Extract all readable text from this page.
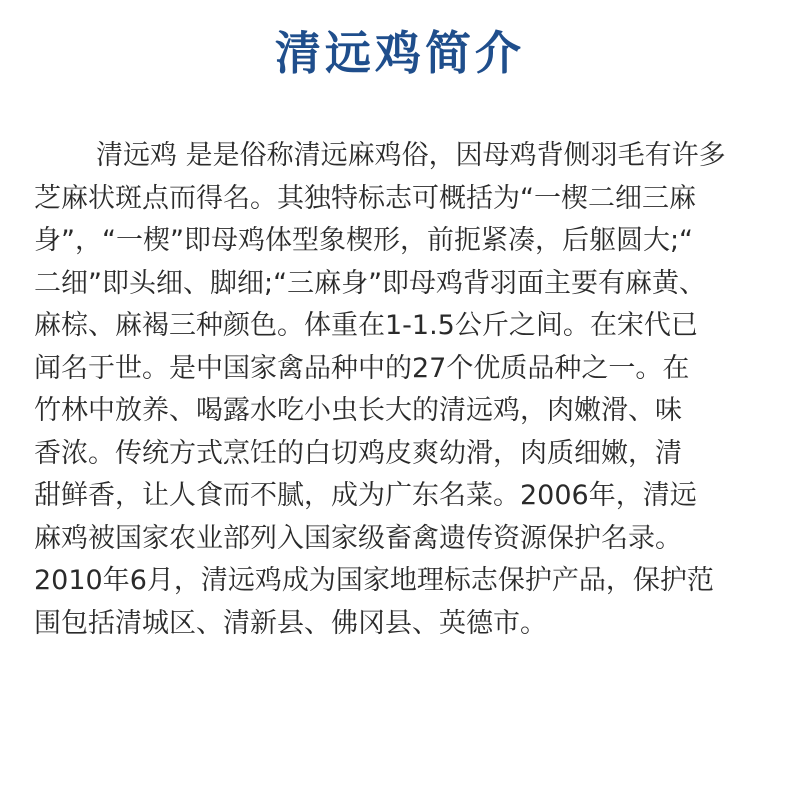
清远鸡简介
清远鸡 是是俗称清远麻鸡俗，因母鸡背侧羽毛有许多
芝麻状斑点而得名。其独特标志可概括为“一楔二细三麻
身”，“一楔”即母鸡体型象楔形，前扼紧凑，后躯圆大;“
二细”即头细、脚细;“三麻身”即母鸡背羽面主要有麻黄、
麻棕、麻褐三种颜色。体重在1-1.5公斤之间。在宋代已
闻名于世。是中国家禽品种中的27个优质品种之一。在
竹林中放养、喝露水吃小虫长大的清远鸡，肉嫩滑、味
香浓。传统方式烹饪的白切鸡皮爽幼滑，肉质细嫩，清
甜鲜香，让人食而不腻，成为广东名菜。2006年，清远
麻鸡被国家农业部列入国家级畜禽遗传资源保护名录。
2010年6月，清远鸡成为国家地理标志保护产品，保护范
围包括清城区、清新县、佛冈县、英德市。
